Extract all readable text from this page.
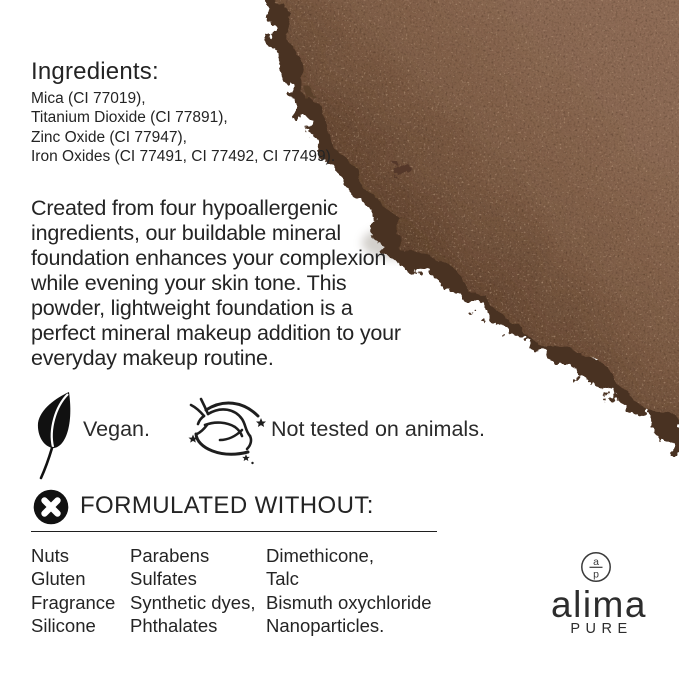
Ingredients:
Mica (CI 77019),
Titanium Dioxide (CI 77891),
Zinc Oxide (CI 77947),
Iron Oxides (CI 77491, CI 77492, CI 77499).
Created from four hypoallergenic
ingredients, our buildable mineral
foundation enhances your complexion
while evening your skin tone. This
powder, lightweight foundation is a
perfect mineral makeup addition to your
everyday makeup routine.
Vegan.	Not tested on animals.
FORMULATED WITHOUT:
Nuts
Gluten
Fragrance
Silicone
Parabens
Sulfates
Synthetic dyes,
Phthalates
Dimethicone,
Talc
Bismuth oxychloride
Nanoparticles.
a
p
alima
PURE
